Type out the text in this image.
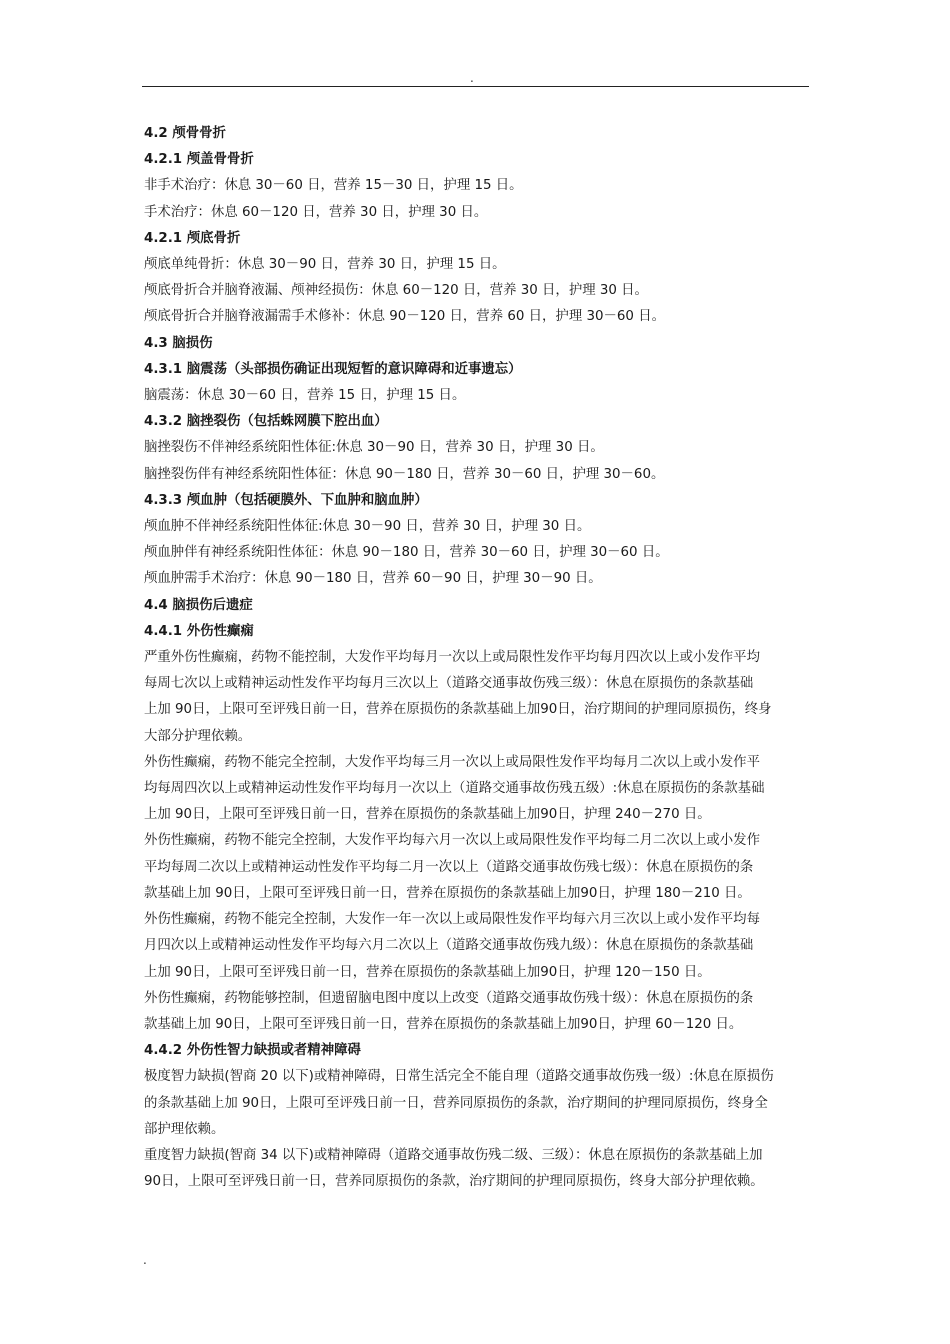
.
4.2 颅骨骨折
4.2.1 颅盖骨骨折
非手术治疗：休息 30－60 日，营养 15－30 日，护理 15 日。
手术治疗：休息 60－120 日，营养 30 日，护理 30 日。
4.2.1 颅底骨折
颅底单纯骨折：休息 30－90 日，营养 30 日，护理 15 日。
颅底骨折合并脑脊液漏、颅神经损伤：休息 60－120 日，营养 30 日，护理 30 日。
颅底骨折合并脑脊液漏需手术修补：休息 90－120 日，营养 60 日，护理 30－60 日。
4.3 脑损伤
4.3.1 脑震荡（头部损伤确证出现短暂的意识障碍和近事遗忘）
脑震荡：休息 30－60 日，营养 15 日，护理 15 日。
4.3.2 脑挫裂伤（包括蛛网膜下腔出血）
脑挫裂伤不伴神经系统阳性体征:休息 30－90 日，营养 30 日，护理 30 日。
脑挫裂伤伴有神经系统阳性体征：休息 90－180 日，营养 30－60 日，护理 30－60。
4.3.3 颅血肿（包括硬膜外、下血肿和脑血肿）
颅血肿不伴神经系统阳性体征:休息 30－90 日，营养 30 日，护理 30 日。
颅血肿伴有神经系统阳性体征：休息 90－180 日，营养 30－60 日，护理 30－60 日。
颅血肿需手术治疗：休息 90－180 日，营养 60－90 日，护理 30－90 日。
4.4 脑损伤后遗症
4.4.1 外伤性癫痫
严重外伤性癫痫，药物不能控制，大发作平均每月一次以上或局限性发作平均每月四次以上或小发作平均
每周七次以上或精神运动性发作平均每月三次以上（道路交通事故伤残三级）：休息在原损伤的条款基础
上加 90日，上限可至评残日前一日，营养在原损伤的条款基础上加90日，治疗期间的护理同原损伤，终身
大部分护理依赖。
外伤性癫痫，药物不能完全控制，大发作平均每三月一次以上或局限性发作平均每月二次以上或小发作平
均每周四次以上或精神运动性发作平均每月一次以上（道路交通事故伤残五级）:休息在原损伤的条款基础
上加 90日，上限可至评残日前一日，营养在原损伤的条款基础上加90日，护理 240－270 日。
外伤性癫痫，药物不能完全控制，大发作平均每六月一次以上或局限性发作平均每二月二次以上或小发作
平均每周二次以上或精神运动性发作平均每二月一次以上（道路交通事故伤残七级）：休息在原损伤的条
款基础上加 90日，上限可至评残日前一日，营养在原损伤的条款基础上加90日，护理 180－210 日。
外伤性癫痫，药物不能完全控制，大发作一年一次以上或局限性发作平均每六月三次以上或小发作平均每
月四次以上或精神运动性发作平均每六月二次以上（道路交通事故伤残九级）：休息在原损伤的条款基础
上加 90日，上限可至评残日前一日，营养在原损伤的条款基础上加90日，护理 120－150 日。
外伤性癫痫，药物能够控制，但遗留脑电图中度以上改变（道路交通事故伤残十级）：休息在原损伤的条
款基础上加 90日，上限可至评残日前一日，营养在原损伤的条款基础上加90日，护理 60－120 日。
4.4.2 外伤性智力缺损或者精神障碍
极度智力缺损(智商 20 以下)或精神障碍，日常生活完全不能自理（道路交通事故伤残一级）:休息在原损伤
的条款基础上加 90日，上限可至评残日前一日，营养同原损伤的条款，治疗期间的护理同原损伤，终身全
部护理依赖。
重度智力缺损(智商 34 以下)或精神障碍（道路交通事故伤残二级、三级）：休息在原损伤的条款基础上加
90日，上限可至评残日前一日，营养同原损伤的条款，治疗期间的护理同原损伤，终身大部分护理依赖。
.
